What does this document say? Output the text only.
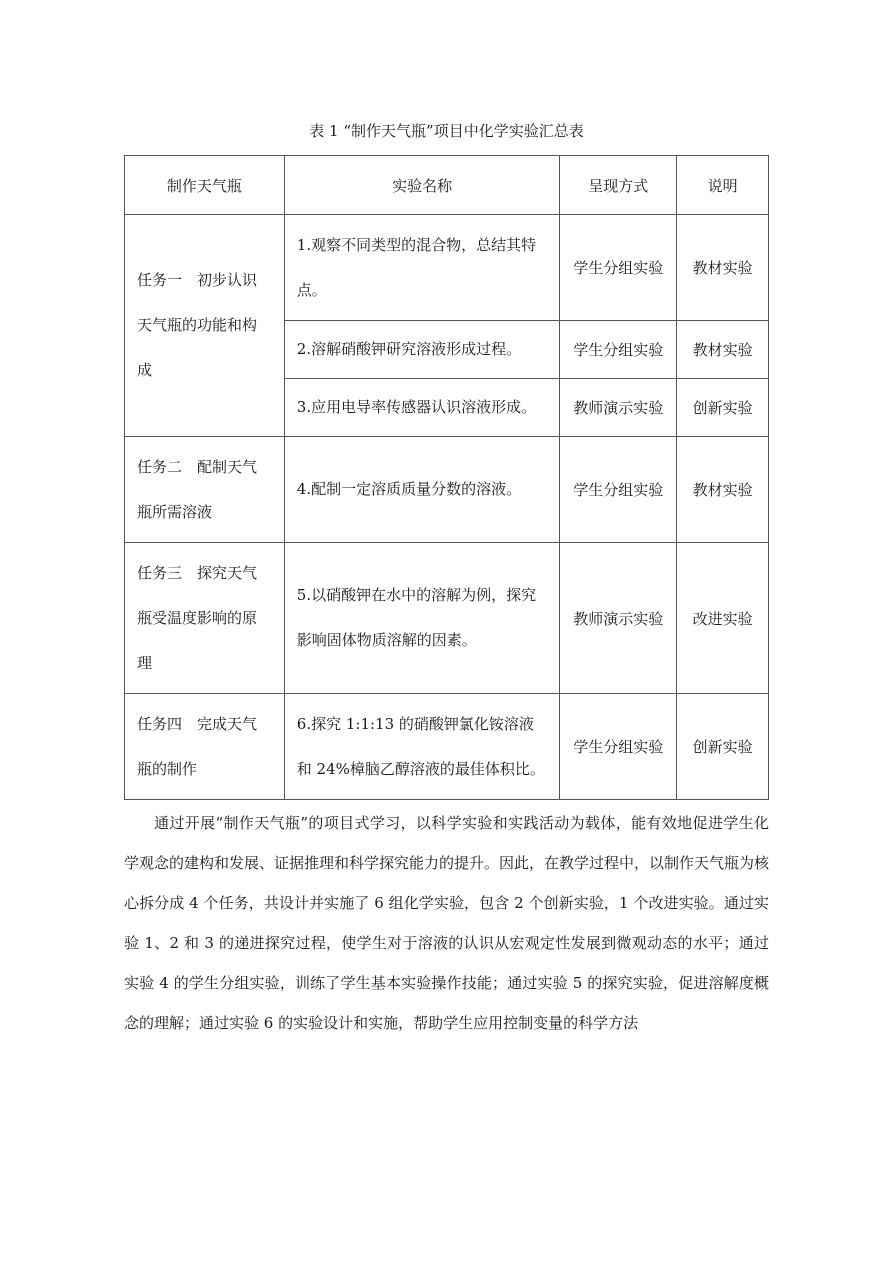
表 1 “制作天气瓶”项目中化学实验汇总表
制作天气瓶	实验名称	呈现方式	说明
任务一　初步认识天气瓶的功能和构成	1.观察不同类型的混合物，总结其特点。	学生分组实验	教材实验
	2.溶解硝酸钾研究溶液形成过程。	学生分组实验	教材实验
	3.应用电导率传感器认识溶液形成。	教师演示实验	创新实验
任务二　配制天气瓶所需溶液	4.配制一定溶质质量分数的溶液。	学生分组实验	教材实验
任务三　探究天气瓶受温度影响的原理	5.以硝酸钾在水中的溶解为例，探究影响固体物质溶解的因素。	教师演示实验	改进实验
任务四　完成天气瓶的制作	6.探究 1:1:13 的硝酸钾氯化铵溶液和 24%樟脑乙醇溶液的最佳体积比。	学生分组实验	创新实验

通过开展“制作天气瓶”的项目式学习，以科学实验和实践活动为载体，能有效地促进学生化学观念的建构和发展、证据推理和科学探究能力的提升。因此，在教学过程中，以制作天气瓶为核心拆分成 4 个任务，共设计并实施了 6 组化学实验，包含 2 个创新实验，1 个改进实验。通过实验 1、2 和 3 的递进探究过程，使学生对于溶液的认识从宏观定性发展到微观动态的水平；通过实验 4 的学生分组实验，训练了学生基本实验操作技能；通过实验 5 的探究实验，促进溶解度概念的理解；通过实验 6 的实验设计和实施，帮助学生应用控制变量的科学方法
